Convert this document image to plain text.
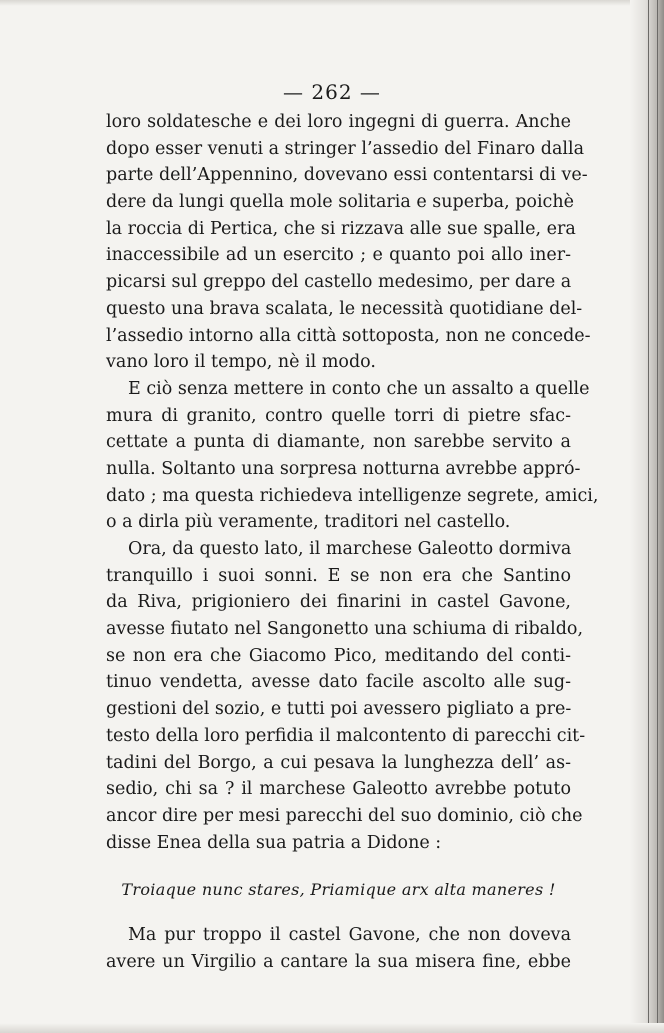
— 262 —
loro soldatesche e dei loro ingegni di guerra. Anche
dopo esser venuti a stringer l’assedio del Finaro dalla
parte dell’Appennino, dovevano essi contentarsi di ve-
dere da lungi quella mole solitaria e superba, poichè
la roccia di Pertica, che si rizzava alle sue spalle, era
inaccessibile ad un esercito ; e quanto poi allo iner-
picarsi sul greppo del castello medesimo, per dare a
questo una brava scalata, le necessità quotidiane del-
l’assedio intorno alla città sottoposta, non ne concede-
vano loro il tempo, nè il modo.
E ciò senza mettere in conto che un assalto a quelle
mura di granito, contro quelle torri di pietre sfac-
cettate a punta di diamante, non sarebbe servito a
nulla. Soltanto una sorpresa notturna avrebbe appró-
dato ; ma questa richiedeva intelligenze segrete, amici,
o a dirla più veramente, traditori nel castello.
Ora, da questo lato, il marchese Galeotto dormiva
tranquillo i suoi sonni. E se non era che Santino
da Riva, prigioniero dei finarini in castel Gavone,
avesse fiutato nel Sangonetto una schiuma di ribaldo,
se non era che Giacomo Pico, meditando del conti-
tinuo vendetta, avesse dato facile ascolto alle sug-
gestioni del sozio, e tutti poi avessero pigliato a pre-
testo della loro perfidia il malcontento di parecchi cit-
tadini del Borgo, a cui pesava la lunghezza dell’ as-
sedio, chi sa ? il marchese Galeotto avrebbe potuto
ancor dire per mesi parecchi del suo dominio, ciò che
disse Enea della sua patria a Didone :
Troiaque nunc stares, Priamique arx alta maneres !
Ma pur troppo il castel Gavone, che non doveva
avere un Virgilio a cantare la sua misera fine, ebbe
